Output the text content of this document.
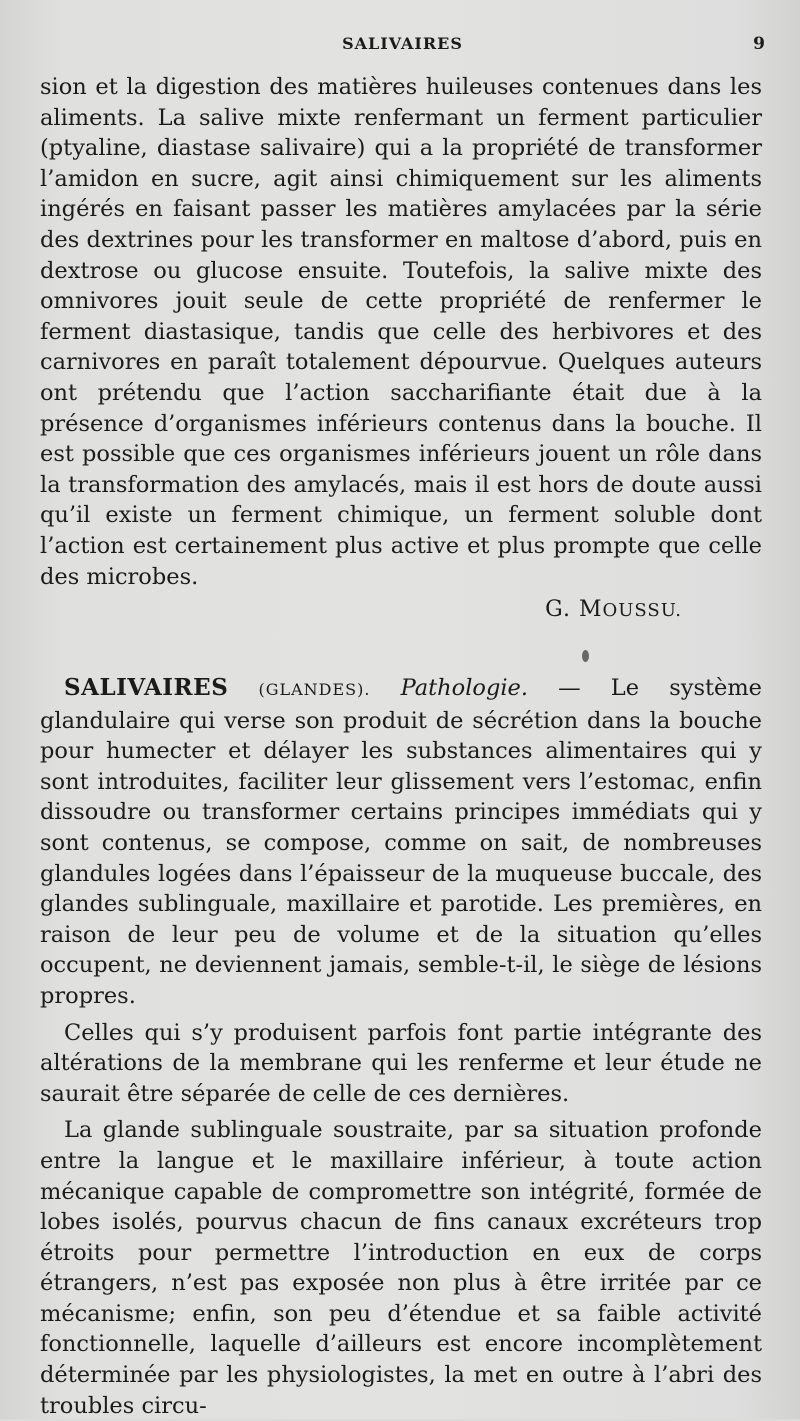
SALIVAIRES	9

sion et la digestion des matières huileuses contenues dans les aliments. La salive mixte renfermant un ferment particulier (ptyaline, diastase salivaire) qui a la propriété de transformer l’amidon en sucre, agit ainsi chimiquement sur les aliments ingérés en faisant passer les matières amylacées par la série des dextrines pour les transformer en maltose d’abord, puis en dextrose ou glucose ensuite. Toutefois, la salive mixte des omnivores jouit seule de cette propriété de renfermer le ferment diastasique, tandis que celle des herbivores et des carnivores en paraît totalement dépourvue. Quelques auteurs ont prétendu que l’action saccharifiante était due à la présence d’organismes inférieurs contenus dans la bouche. Il est possible que ces organismes inférieurs jouent un rôle dans la transformation des amylacés, mais il est hors de doute aussi qu’il existe un ferment chimique, un ferment soluble dont l’action est certainement plus active et plus prompte que celle des microbes.

G. MOUSSU.

SALIVAIRES (GLANDES). Pathologie. — Le système glandulaire qui verse son produit de sécrétion dans la bouche pour humecter et délayer les substances alimentaires qui y sont introduites, faciliter leur glissement vers l’estomac, enfin dissoudre ou transformer certains principes immédiats qui y sont contenus, se compose, comme on sait, de nombreuses glandules logées dans l’épaisseur de la muqueuse buccale, des glandes sublinguale, maxillaire et parotide. Les premières, en raison de leur peu de volume et de la situation qu’elles occupent, ne deviennent jamais, semble-t-il, le siège de lésions propres.

Celles qui s’y produisent parfois font partie intégrante des altérations de la membrane qui les renferme et leur étude ne saurait être séparée de celle de ces dernières.

La glande sublinguale soustraite, par sa situation profonde entre la langue et le maxillaire inférieur, à toute action mécanique capable de compromettre son intégrité, formée de lobes isolés, pourvus chacun de fins canaux excréteurs trop étroits pour permettre l’introduction en eux de corps étrangers, n’est pas exposée non plus à être irritée par ce mécanisme; enfin, son peu d’étendue et sa faible activité fonctionnelle, laquelle d’ailleurs est encore incomplètement déterminée par les physiologistes, la met en outre à l’abri des troubles circu-
